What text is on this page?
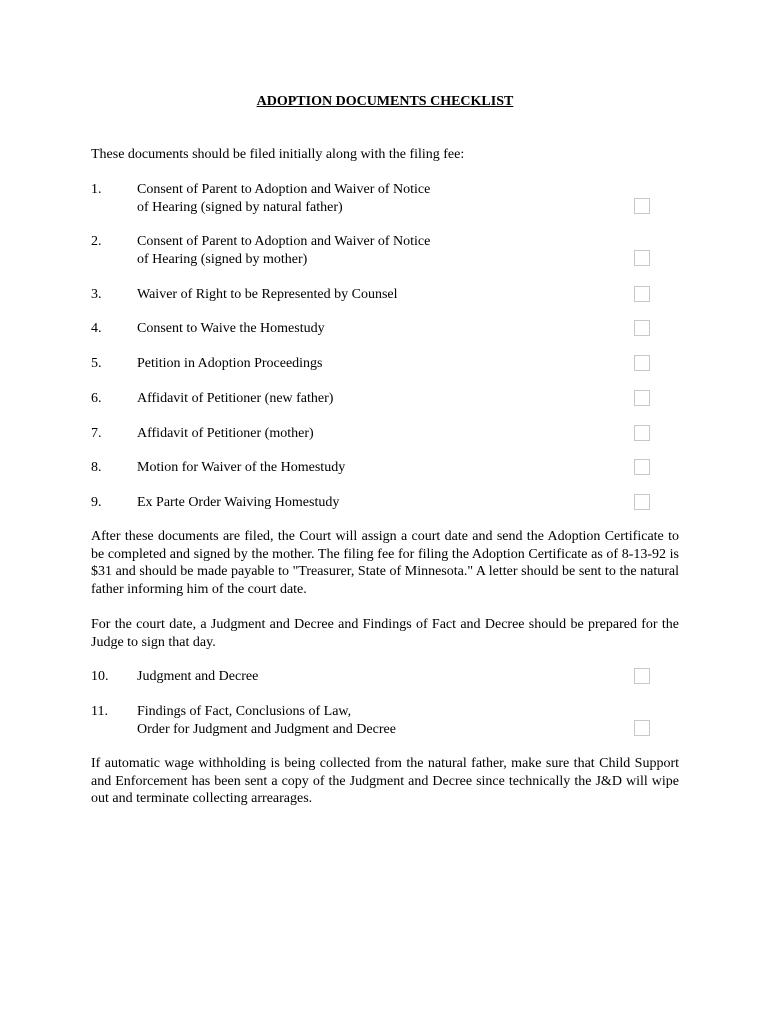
ADOPTION DOCUMENTS CHECKLIST

These documents should be filed initially along with the filing fee:

1.	Consent of Parent to Adoption and Waiver of Notice
of Hearing (signed by natural father)
2.	Consent of Parent to Adoption and Waiver of Notice
of Hearing (signed by mother)
3.	Waiver of Right to be Represented by Counsel
4.	Consent to Waive the Homestudy
5.	Petition in Adoption Proceedings
6.	Affidavit of Petitioner (new father)
7.	Affidavit of Petitioner (mother)
8.	Motion for Waiver of the Homestudy
9.	Ex Parte Order Waiving Homestudy

After these documents are filed, the Court will assign a court date and send the Adoption Certificate to be completed and signed by the mother. The filing fee for filing the Adoption Certificate as of 8-13-92 is $31 and should be made payable to "Treasurer, State of Minnesota." A letter should be sent to the natural father informing him of the court date.

For the court date, a Judgment and Decree and Findings of Fact and Decree should be prepared for the Judge to sign that day.

10. Judgment and Decree
11. Findings of Fact, Conclusions of Law,
Order for Judgment and Judgment and Decree

If automatic wage withholding is being collected from the natural father, make sure that Child Support and Enforcement has been sent a copy of the Judgment and Decree since technically the J&D will wipe out and terminate collecting arrearages.
